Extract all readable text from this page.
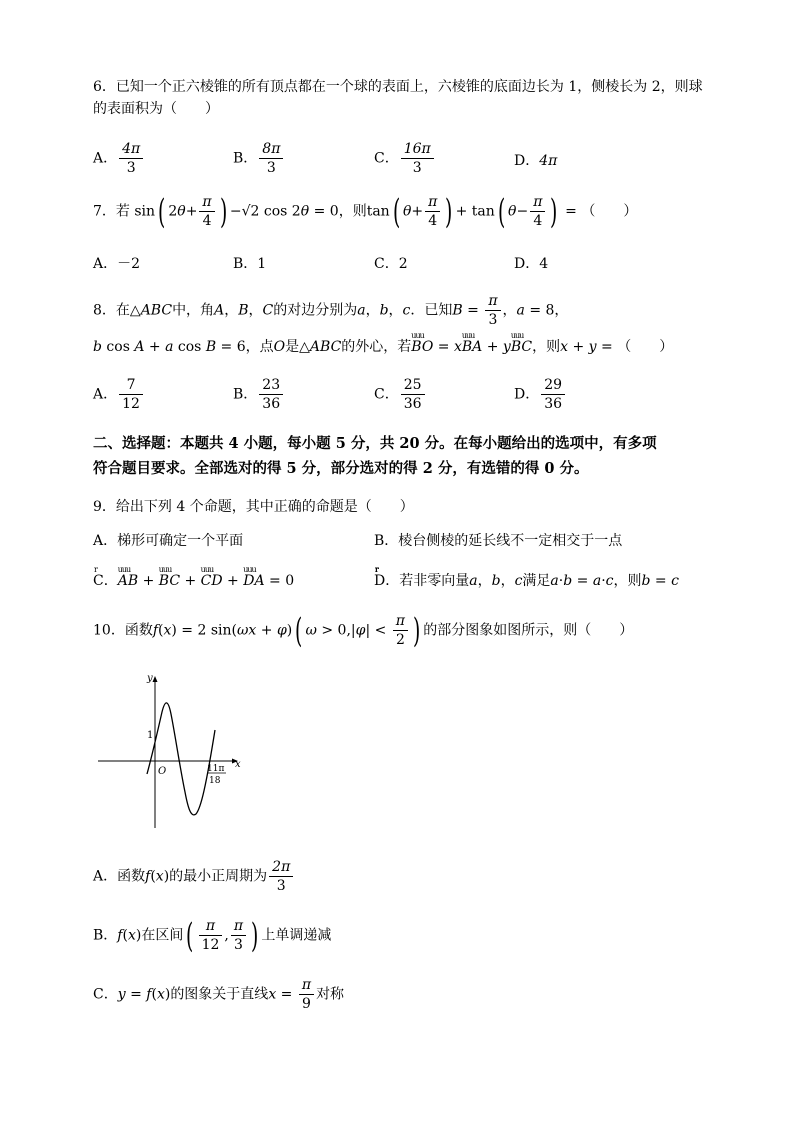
6．已知一个正六棱锥的所有顶点都在一个球的表面上，六棱锥的底面边长为 1，侧棱长为 2，则球
的表面积为（　　）
A． $\frac{4\pi}{3}$	B． $\frac{8\pi}{3}$	C． $\frac{16\pi}{3}$	D．4π
7．若 sin( $2\theta+ \frac{\pi}{4}$ ) −√2 cos 2θ = 0，则tan( $\theta+ \frac{\pi}{4}$ ) + tan( $\theta- \frac{\pi}{4}$ ) = （　　）
A．－2	B．1	C．2	D．4
8．在△ABC中，角A，B，C的对边分别为a，b，c．已知$B = \frac{\pi}{3}$ ，a = 8，
b cos A + a cos B = 6，点O是△ABC的外心，若uuu BO = xuuu BA + yuuu BC，则x + y = （　　）
A． $\frac{7}{12}$	B． $\frac{23}{36}$	C． $\frac{25}{36}$	D． $\frac{29}{36}$
二、选择题：本题共 4 小题，每小题 5 分，共 20 分。在每小题给出的选项中，有多项
符合题目要求。全部选对的得 5 分，部分选对的得 2 分，有选错的得 0 分。
9．给出下列 4 个命题，其中正确的命题是（　　）
A．梯形可确定一个平面	B．棱台侧棱的延长线不一定相交于一点
C．uuu AB + uuu BC + uuu CD + uuu DA = r 0	D．若非零向量r a，r b，r c满足r a·r b = r a·r c，则r b = r c
10．函数f(x) = 2 sin(ωx + φ)( $\omega > 0,|\varphi| < \frac{\pi}{2}$ ) 的部分图象如图所示，则（　　）
y
x
O
1
11π
18
A．函数f(x)的最小正周期为 $\frac{2\pi}{3}$
B．f(x)在区间( $\frac{\pi}{12}$ , $\frac{\pi}{3}$ ) 上单调递减
C．y = f(x)的图象关于直线$x = \frac{\pi}{9}$ 对称
